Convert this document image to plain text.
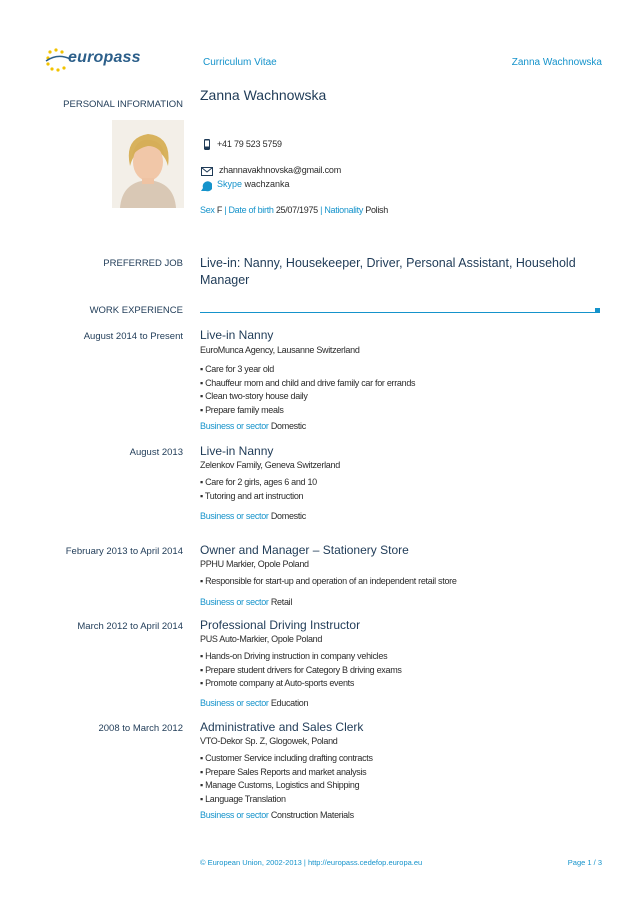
europass	Curriculum Vitae	Zanna Wachnowska
PERSONAL INFORMATION
Zanna Wachnowska
+41 79 523 5759
zhannavakhnovska@gmail.com
Skype wachzanka
Sex F | Date of birth 25/07/1975 | Nationality Polish
PREFERRED JOB Live-in: Nanny, Housekeeper, Driver, Personal Assistant, Household Manager
WORK EXPERIENCE
August 2014 to Present Live-in Nanny
EuroMunca Agency, Lausanne Switzerland
▪ Care for 3 year old
▪ Chauffeur mom and child and drive family car for errands
▪ Clean two-story house daily
▪ Prepare family meals
Business or sector Domestic
August 2013 Live-in Nanny
Zelenkov Family, Geneva Switzerland
▪ Care for 2 girls, ages 6 and 10
▪ Tutoring and art instruction
Business or sector Domestic
February 2013 to April 2014 Owner and Manager – Stationery Store
PPHU Markier, Opole Poland
▪ Responsible for start-up and operation of an independent retail store
Business or sector Retail
March 2012 to April 2014 Professional Driving Instructor
PUS Auto-Markier, Opole Poland
▪ Hands-on Driving instruction in company vehicles
▪ Prepare student drivers for Category B driving exams
▪ Promote company at Auto-sports events
Business or sector Education
2008 to March 2012 Administrative and Sales Clerk
VTO-Dekor Sp. Z, Glogowek, Poland
▪ Customer Service including drafting contracts
▪ Prepare Sales Reports and market analysis
▪ Manage Customs, Logistics and Shipping
▪ Language Translation
Business or sector Construction Materials
© European Union, 2002-2013 | http://europass.cedefop.europa.eu	Page 1 / 3
